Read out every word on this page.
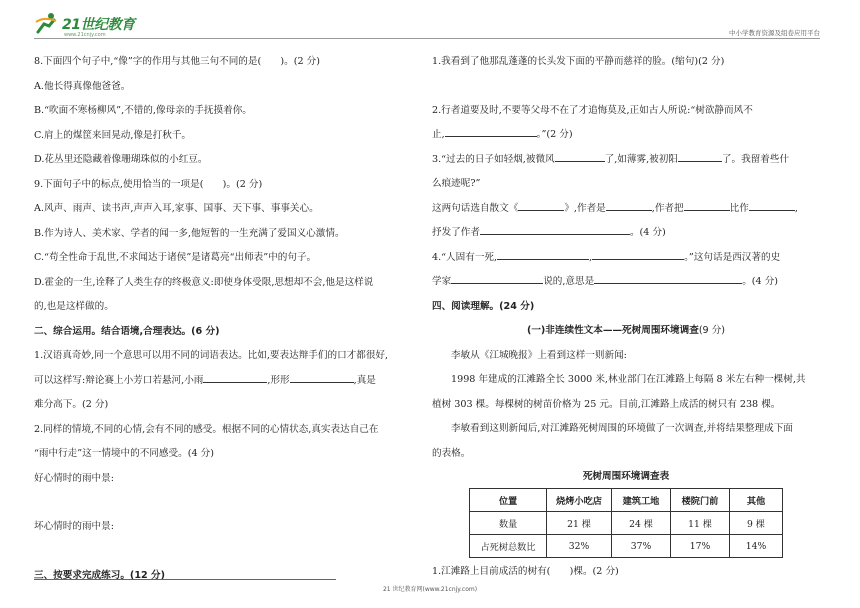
21世纪教育
www.21cnjy.com	中小学教育资源及组卷应用平台
8.下面四个句子中,“像”字的作用与其他三句不同的是(　　)。(2 分)
A.他长得真像他爸爸。
B.“吹面不寒杨柳风”,不错的,像母亲的手抚摸着你。
C.肩上的煤筐来回晃动,像是打秋千。
D.花丛里还隐藏着像珊瑚珠似的小红豆。
9.下面句子中的标点,使用恰当的一项是(　　)。(2 分)
A.风声、雨声、读书声,声声入耳,家事、国事、天下事、事事关心。
B.作为诗人、美术家、学者的闻一多,他短暂的一生充满了爱国义心激情。
C.“苟全性命于乱世,不求闻达于诸侯”是诸葛亮“出师表”中的句子。
D.霍金的一生,诠释了人类生存的终极意义:即使身体受限,思想却不会,他是这样说
的,也是这样做的。
二、综合运用。结合语境,合理表达。(6 分)
1.汉语真奇妙,同一个意思可以用不同的词语表达。比如,要表达辩手们的口才都很好,
可以这样写:辩论赛上小芳口若悬河,小雨	,形形	,真是
难分高下。(2 分)
2.同样的情境,不同的心情,会有不同的感受。根据不同的心情状态,真实表达自己在
“雨中行走”这一情境中的不同感受。(4 分)
好心情时的雨中景:
坏心情时的雨中景:
三、按要求完成练习。(12 分)
1.我看到了他那乱蓬蓬的长头发下面的平静而慈祥的脸。(缩句)(2 分)
2.行者道要及时,不要等父母不在了才追悔莫及,正如古人所说:“树欲静而风不
止,	。”(2 分)
3.“过去的日子如轻烟,被微风	了,如薄雾,被初阳	了。我留着些什
么痕迹呢?”
这两句话选自散文《	》,作者是	,作者把	比作	,
抒发了作者	。(4 分)
4.“人固有一死,	,	。”这句话是西汉著的史
学家	说的,意思是	。(4 分)
四、阅读理解。(24 分)
(一)非连续性文本——死树周围环境调查(9 分)
李敏从《江城晚报》上看到这样一则新闻:
1998 年建成的江滩路全长 3000 米,林业部门在江滩路上每隔 8 米左右种一棵树,共
植树 303 棵。每棵树的树苗价格为 25 元。目前,江滩路上成活的树只有 238 棵。
李敏看到这则新闻后,对江滩路死树周围的环境做了一次调查,并将结果整理成下面
的表格。
死树周围环境调查表
位置	烧烤小吃店	建筑工地	楼院门前	其他
数量	21 棵	24 棵	11 棵	9 棵
占死树总数比	32%	37%	17%	14%
1.江滩路上目前成活的树有(　　)棵。(2 分)
21 世纪教育网(www.21cnjy.com)
